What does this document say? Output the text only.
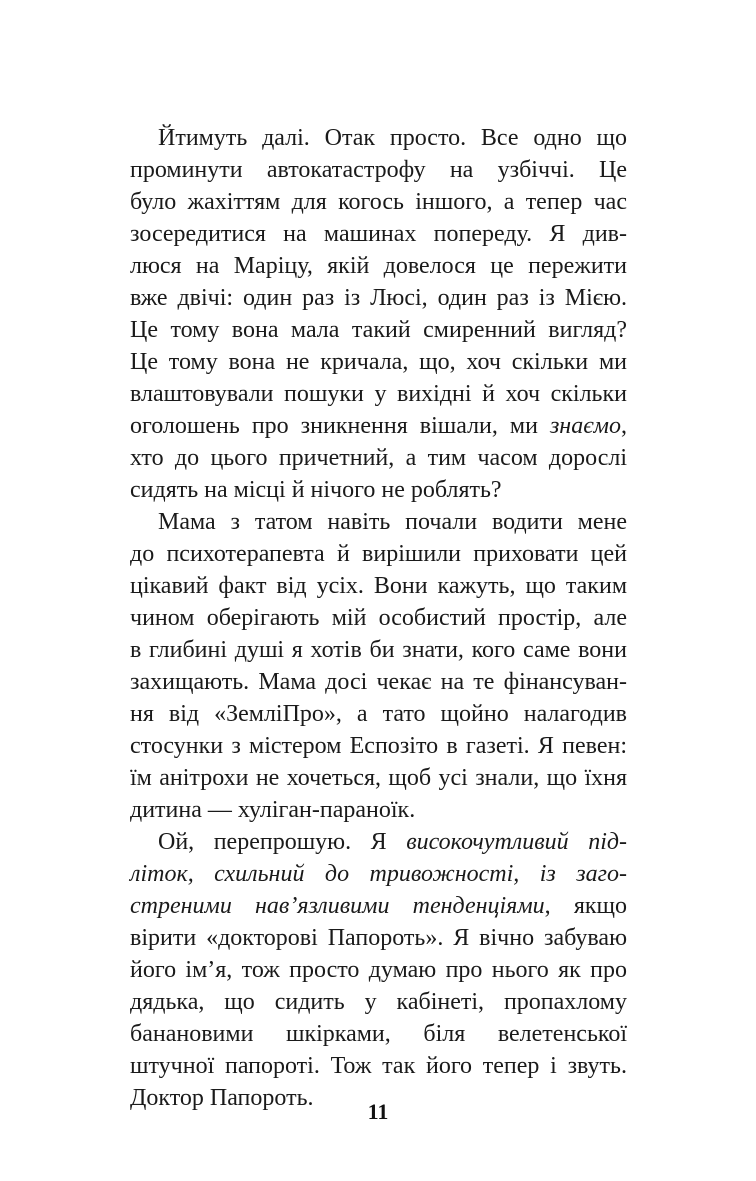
Йтимуть далі. Отак просто. Все одно що
проминути автокатастрофу на узбіччі. Це
було жахіттям для когось іншого, а тепер час
зосередитися на машинах попереду. Я див-
люся на Маріцу, якій довелося це пережити
вже двічі: один раз із Люсі, один раз із Мією.
Це тому вона мала такий смиренний вигляд?
Це тому вона не кричала, що, хоч скільки ми
влаштовували пошуки у вихідні й хоч скільки
оголошень про зникнення вішали, ми знаємо,
хто до цього причетний, а тим часом дорослі
сидять на місці й нічого не роблять?
Мама з татом навіть почали водити мене
до психотерапевта й вирішили приховати цей
цікавий факт від усіх. Вони кажуть, що таким
чином оберігають мій особистий простір, але
в глибині душі я хотів би знати, кого саме вони
захищають. Мама досі чекає на те фінансуван-
ня від «ЗемліПро», а тато щойно налагодив
стосунки з містером Еспозіто в газеті. Я певен:
їм анітрохи не хочеться, щоб усі знали, що їхня
дитина — хуліган-параноїк.
Ой, перепрошую. Я високочутливий під-
літок, схильний до тривожності, із заго-
стреними нав’язливими тенденціями, якщо
вірити «докторові Папороть». Я вічно забуваю
його ім’я, тож просто думаю про нього як про
дядька, що сидить у кабінеті, пропахлому
банановими шкірками, біля велетенської
штучної папороті. Тож так його тепер і звуть.
Доктор Папороть.
11
